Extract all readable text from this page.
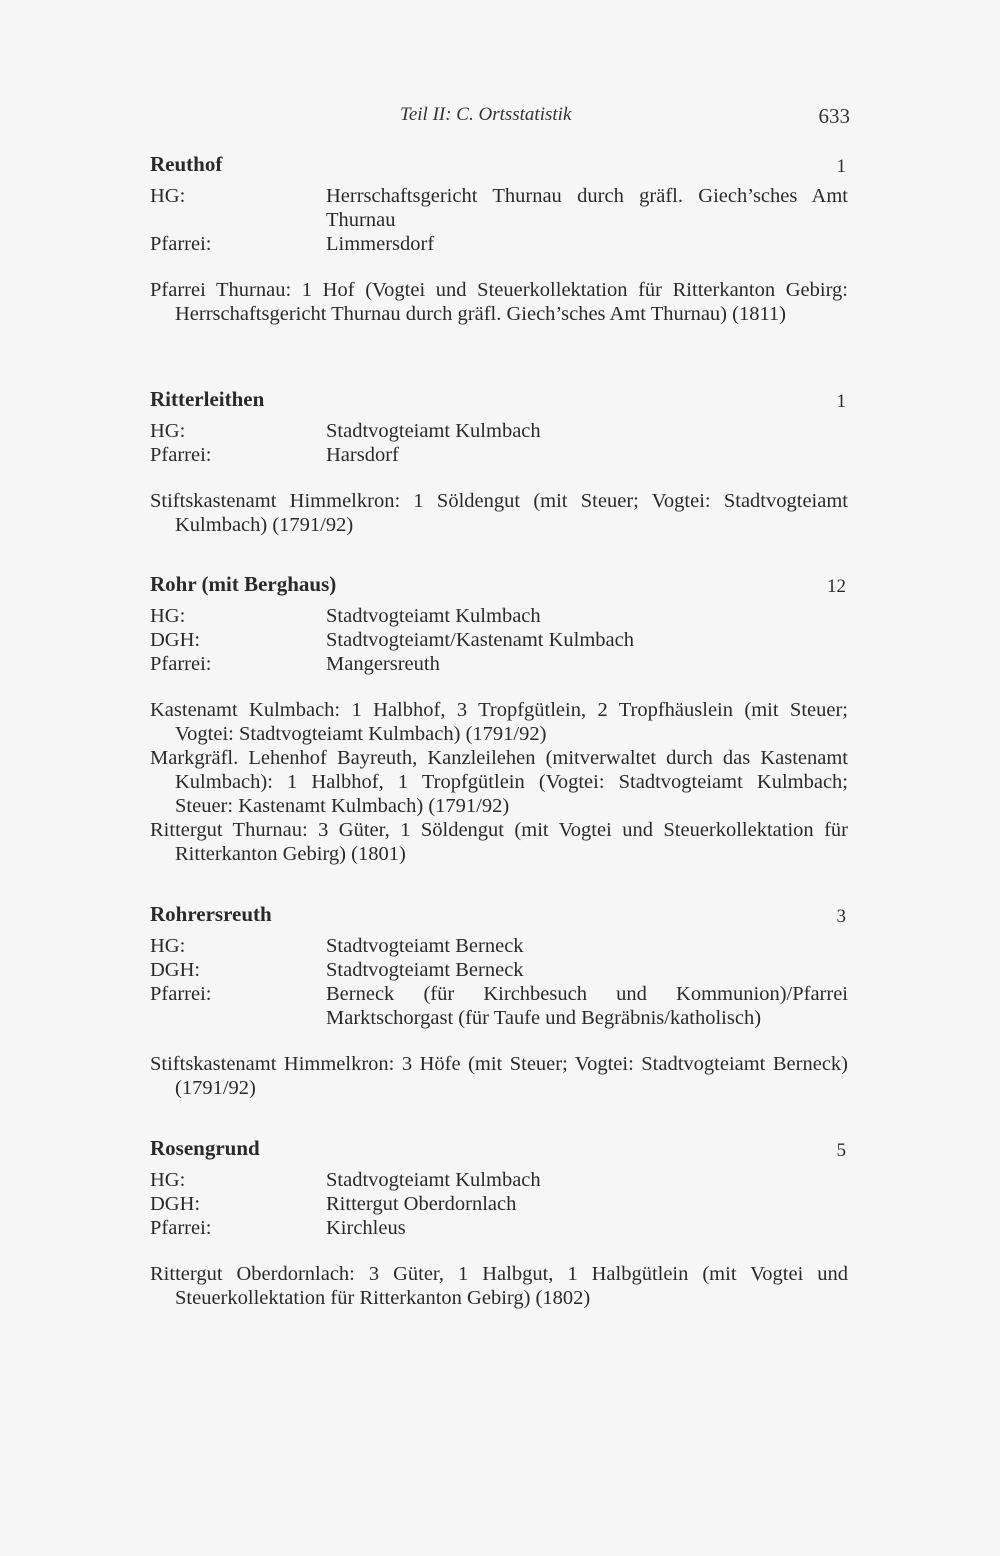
Teil II: C. Ortsstatistik	633
Reuthof	1
HG:	Herrschaftsgericht Thurnau durch gräfl. Giech’sches Amt Thurnau
Pfarrei:	Limmersdorf
Pfarrei Thurnau: 1 Hof (Vogtei und Steuerkollektation für Ritterkanton Gebirg: Herrschaftsgericht Thurnau durch gräfl. Giech’sches Amt Thurnau) (1811)
Ritterleithen	1
HG:	Stadtvogteiamt Kulmbach
Pfarrei:	Harsdorf
Stiftskastenamt Himmelkron: 1 Söldengut (mit Steuer; Vogtei: Stadtvogteiamt Kulmbach) (1791/92)
Rohr (mit Berghaus)	12
HG:	Stadtvogteiamt Kulmbach
DGH:	Stadtvogteiamt/Kastenamt Kulmbach
Pfarrei:	Mangersreuth
Kastenamt Kulmbach: 1 Halbhof, 3 Tropfgütlein, 2 Tropfhäuslein (mit Steuer; Vogtei: Stadtvogteiamt Kulmbach) (1791/92)
Markgräfl. Lehenhof Bayreuth, Kanzleilehen (mitverwaltet durch das Kastenamt Kulmbach): 1 Halbhof, 1 Tropfgütlein (Vogtei: Stadtvogteiamt Kulmbach; Steuer: Kastenamt Kulmbach) (1791/92)
Rittergut Thurnau: 3 Güter, 1 Söldengut (mit Vogtei und Steuerkollektation für Ritterkanton Gebirg) (1801)
Rohrersreuth	3
HG:	Stadtvogteiamt Berneck
DGH:	Stadtvogteiamt Berneck
Pfarrei:	Berneck (für Kirchbesuch und Kommunion)/Pfarrei Marktschorgast (für Taufe und Begräbnis/katholisch)
Stiftskastenamt Himmelkron: 3 Höfe (mit Steuer; Vogtei: Stadtvogteiamt Berneck) (1791/92)
Rosengrund	5
HG:	Stadtvogteiamt Kulmbach
DGH:	Rittergut Oberdornlach
Pfarrei:	Kirchleus
Rittergut Oberdornlach: 3 Güter, 1 Halbgut, 1 Halbgütlein (mit Vogtei und Steuerkollektation für Ritterkanton Gebirg) (1802)
